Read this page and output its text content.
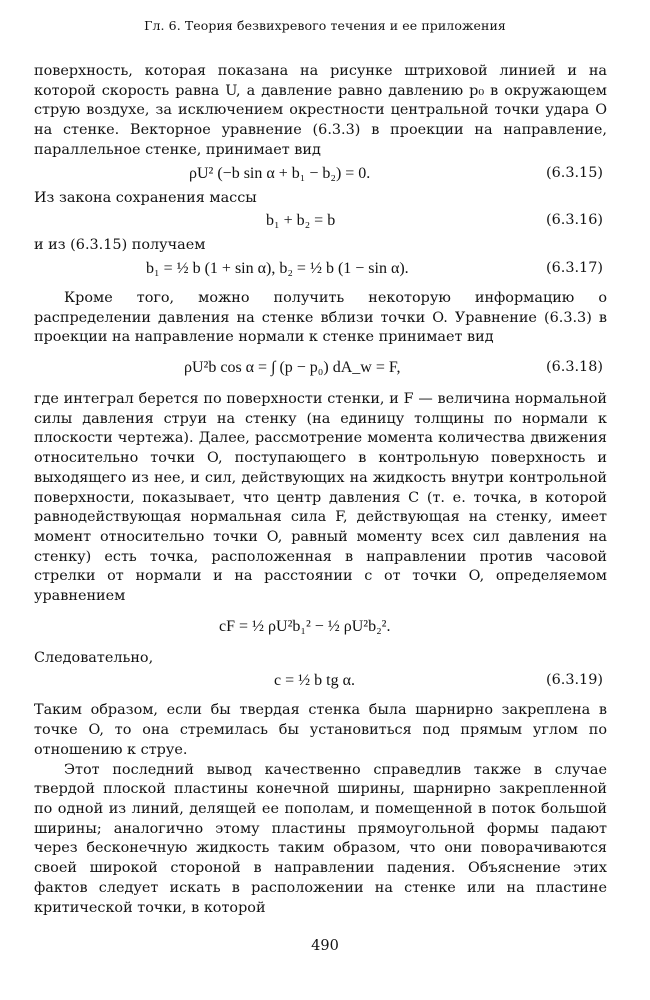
Гл. 6. Теория безвихревого течения и ее приложения

поверхность, которая показана на рисунке штриховой линией и на которой скорость равна U, а давление равно давлению p₀ в окружающем струю воздухе, за исключением окрестности центральной точки удара O на стенке. Векторное уравнение (6.3.3) в проекции на направление, параллельное стенке, принимает вид

ρU² (−b sin α + b₁ − b₂) = 0.	(6.3.15)

Из закона сохранения массы

b₁ + b₂ = b	(6.3.16)

и из (6.3.15) получаем

b₁ = ½ b (1 + sin α), b₂ = ½ b (1 − sin α).	(6.3.17)

Кроме того, можно получить некоторую информацию о распределении давления на стенке вблизи точки O. Уравнение (6.3.3) в проекции на направление нормали к стенке принимает вид

ρU²b cos α = ∫ (p − p₀) dA_w = F,	(6.3.18)

где интеграл берется по поверхности стенки, и F — величина нормальной силы давления струи на стенку (на единицу толщины по нормали к плоскости чертежа). Далее, рассмотрение момента количества движения относительно точки O, поступающего в контрольную поверхность и выходящего из нее, и сил, действующих на жидкость внутри контрольной поверхности, показывает, что центр давления C (т. е. точка, в которой равнодействующая нормальная сила F, действующая на стенку, имеет момент относительно точки O, равный моменту всех сил давления на стенку) есть точка, расположенная в направлении против часовой стрелки от нормали и на расстоянии c от точки O, определяемом уравнением

cF = ½ ρU²b₁² − ½ ρU²b₂².

Следовательно,

c = ½ b tg α.	(6.3.19)

Таким образом, если бы твердая стенка была шарнирно закреплена в точке O, то она стремилась бы установиться под прямым углом по отношению к струе.

Этот последний вывод качественно справедлив также в случае твердой плоской пластины конечной ширины, шарнирно закрепленной по одной из линий, делящей ее пополам, и помещенной в поток большой ширины; аналогично этому пластины прямоугольной формы падают через бесконечную жидкость таким образом, что они поворачиваются своей широкой стороной в направлении падения. Объяснение этих фактов следует искать в расположении на стенке или на пластине критической точки, в которой

490
